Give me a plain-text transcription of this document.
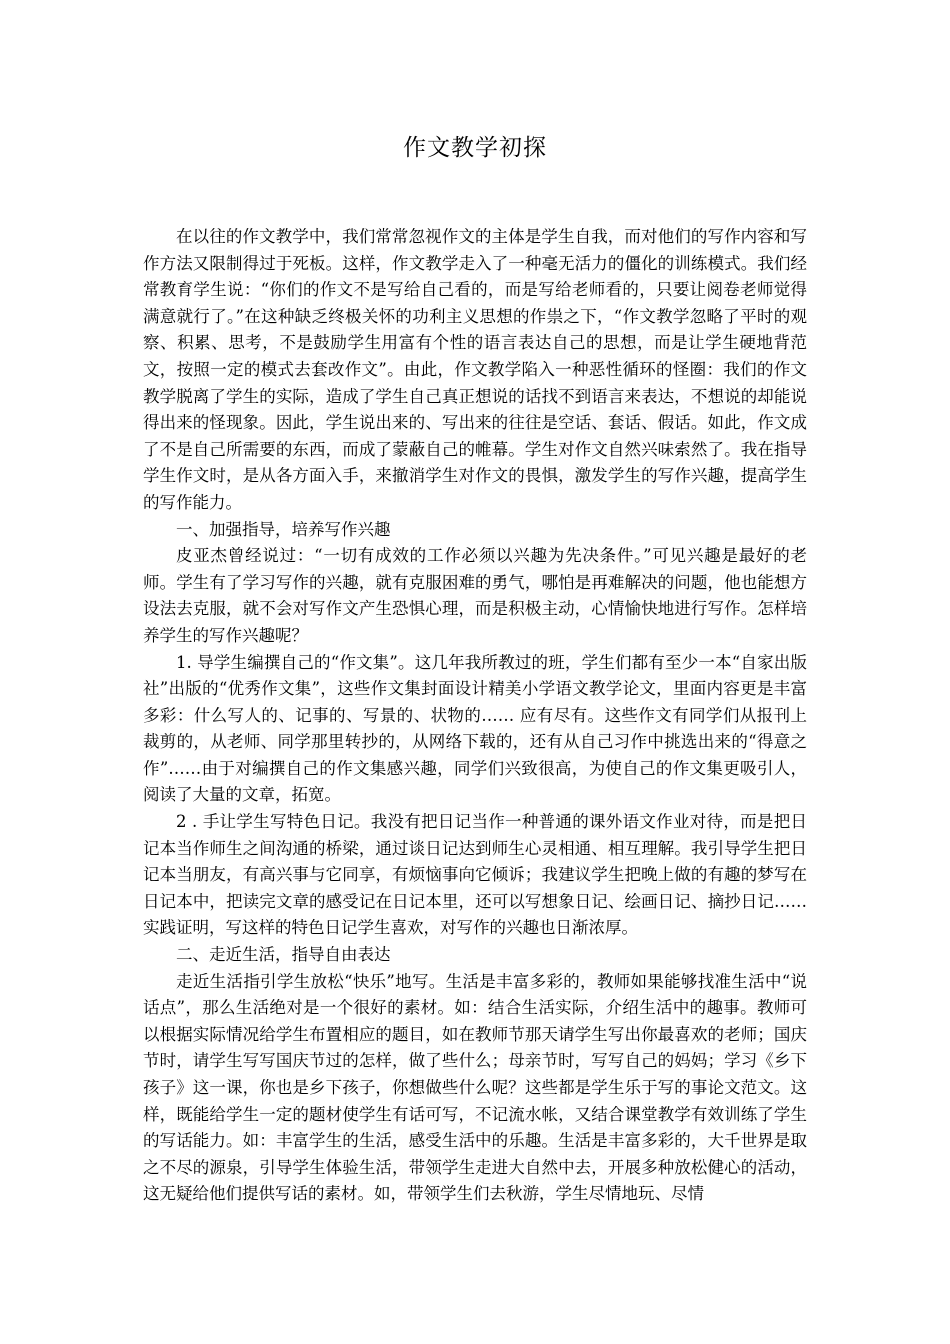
作文教学初探

在以往的作文教学中，我们常常忽视作文的主体是学生自我，而对他们的写作内容和写作方法又限制得过于死板。这样，作文教学走入了一种毫无活力的僵化的训练模式。我们经常教育学生说：“你们的作文不是写给自己看的，而是写给老师看的，只要让阅卷老师觉得满意就行了。”在这种缺乏终极关怀的功利主义思想的作祟之下，“作文教学忽略了平时的观察、积累、思考，不是鼓励学生用富有个性的语言表达自己的思想，而是让学生硬地背范文，按照一定的模式去套改作文”。由此，作文教学陷入一种恶性循环的怪圈：我们的作文教学脱离了学生的实际，造成了学生自己真正想说的话找不到语言来表达，不想说的却能说得出来的怪现象。因此，学生说出来的、写出来的往往是空话、套话、假话。如此，作文成了不是自己所需要的东西，而成了蒙蔽自己的帷幕。学生对作文自然兴味索然了。我在指导学生作文时，是从各方面入手，来撤消学生对作文的畏惧，激发学生的写作兴趣，提高学生的写作能力。

一、加强指导，培养写作兴趣

皮亚杰曾经说过：“一切有成效的工作必须以兴趣为先决条件。”可见兴趣是最好的老师。学生有了学习写作的兴趣，就有克服困难的勇气，哪怕是再难解决的问题，他也能想方设法去克服，就不会对写作文产生恐惧心理，而是积极主动，心情愉快地进行写作。怎样培养学生的写作兴趣呢？

1. 导学生编撰自己的“作文集”。这几年我所教过的班，学生们都有至少一本“自家出版社”出版的“优秀作文集”，这些作文集封面设计精美小学语文教学论文，里面内容更是丰富多彩：什么写人的、记事的、写景的、状物的…… 应有尽有。这些作文有同学们从报刊上裁剪的，从老师、同学那里转抄的，从网络下载的，还有从自己习作中挑选出来的“得意之作”……由于对编撰自己的作文集感兴趣，同学们兴致很高，为使自己的作文集更吸引人，阅读了大量的文章，拓宽。

2 . 手让学生写特色日记。我没有把日记当作一种普通的课外语文作业对待，而是把日记本当作师生之间沟通的桥梁，通过谈日记达到师生心灵相通、相互理解。我引导学生把日记本当朋友，有高兴事与它同享，有烦恼事向它倾诉；我建议学生把晚上做的有趣的梦写在日记本中，把读完文章的感受记在日记本里，还可以写想象日记、绘画日记、摘抄日记……实践证明，写这样的特色日记学生喜欢，对写作的兴趣也日渐浓厚。

二、走近生活，指导自由表达

走近生活指引学生放松“快乐”地写。生活是丰富多彩的，教师如果能够找准生活中“说话点”，那么生活绝对是一个很好的素材。如：结合生活实际，介绍生活中的趣事。教师可以根据实际情况给学生布置相应的题目，如在教师节那天请学生写出你最喜欢的老师；国庆节时，请学生写写国庆节过的怎样，做了些什么；母亲节时，写写自己的妈妈；学习《乡下孩子》这一课，你也是乡下孩子，你想做些什么呢？这些都是学生乐于写的事论文范文。这样，既能给学生一定的题材使学生有话可写，不记流水帐，又结合课堂教学有效训练了学生的写话能力。如：丰富学生的生活，感受生活中的乐趣。生活是丰富多彩的，大千世界是取之不尽的源泉，引导学生体验生活，带领学生走进大自然中去，开展多种放松健心的活动，这无疑给他们提供写话的素材。如，带领学生们去秋游，学生尽情地玩、尽情
